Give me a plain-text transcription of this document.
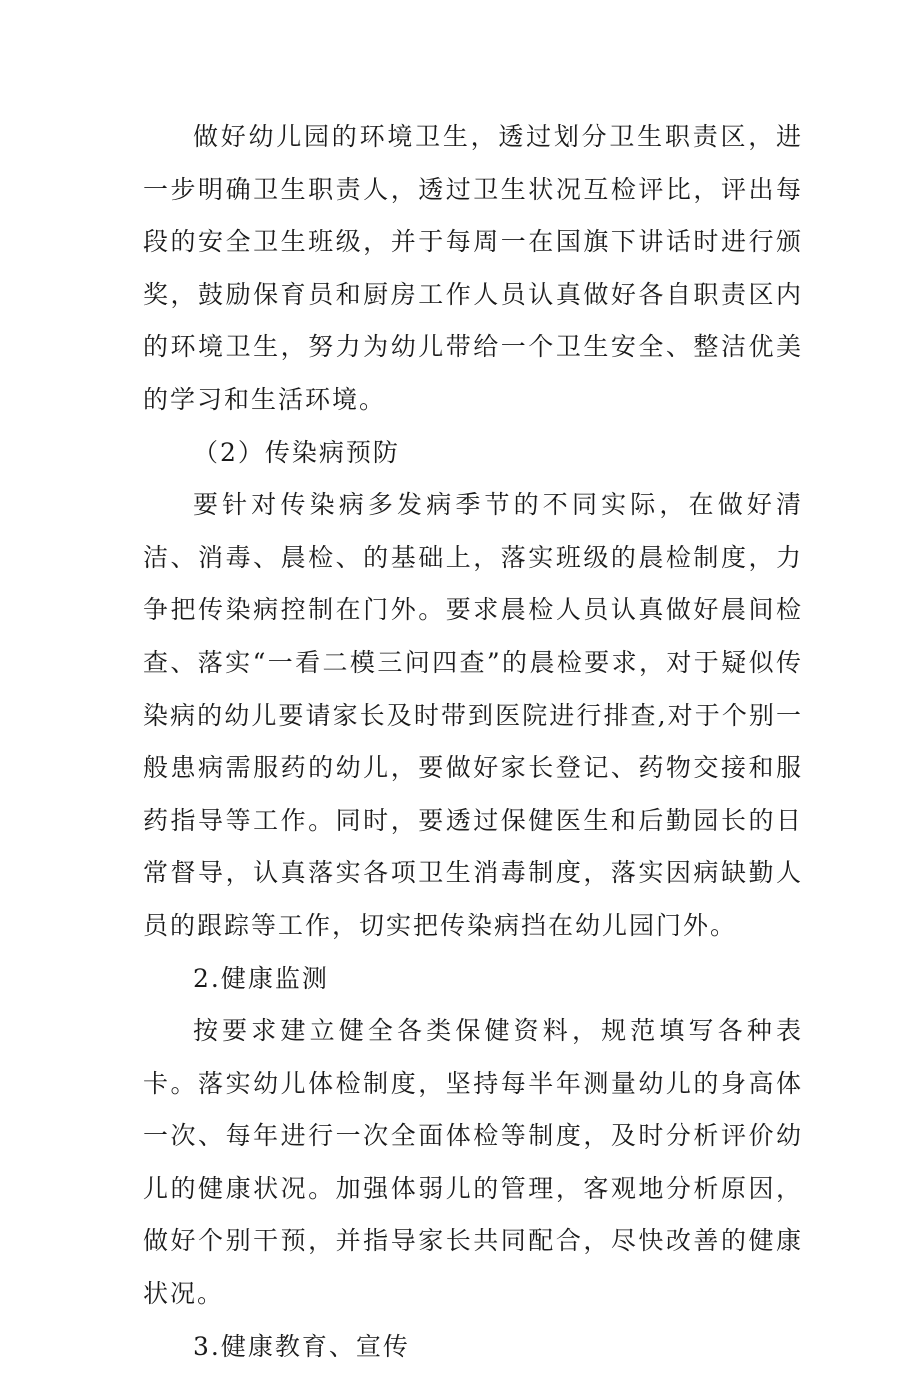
做好幼儿园的环境卫生，透过划分卫生职责区，进一步明确卫生职责人，透过卫生状况互检评比，评出每段的安全卫生班级，并于每周一在国旗下讲话时进行颁奖，鼓励保育员和厨房工作人员认真做好各自职责区内的环境卫生，努力为幼儿带给一个卫生安全、整洁优美的学习和生活环境。

（2）传染病预防

要针对传染病多发病季节的不同实际，在做好清洁、消毒、晨检、的基础上，落实班级的晨检制度，力争把传染病控制在门外。要求晨检人员认真做好晨间检查、落实“一看二模三问四查”的晨检要求，对于疑似传染病的幼儿要请家长及时带到医院进行排查,对于个别一般患病需服药的幼儿，要做好家长登记、药物交接和服药指导等工作。同时，要透过保健医生和后勤园长的日常督导，认真落实各项卫生消毒制度，落实因病缺勤人员的跟踪等工作，切实把传染病挡在幼儿园门外。

2.健康监测

按要求建立健全各类保健资料，规范填写各种表卡。落实幼儿体检制度，坚持每半年测量幼儿的身高体一次、每年进行一次全面体检等制度，及时分析评价幼儿的健康状况。加强体弱儿的管理，客观地分析原因，做好个别干预，并指导家长共同配合，尽快改善的健康状况。

3.健康教育、宣传
